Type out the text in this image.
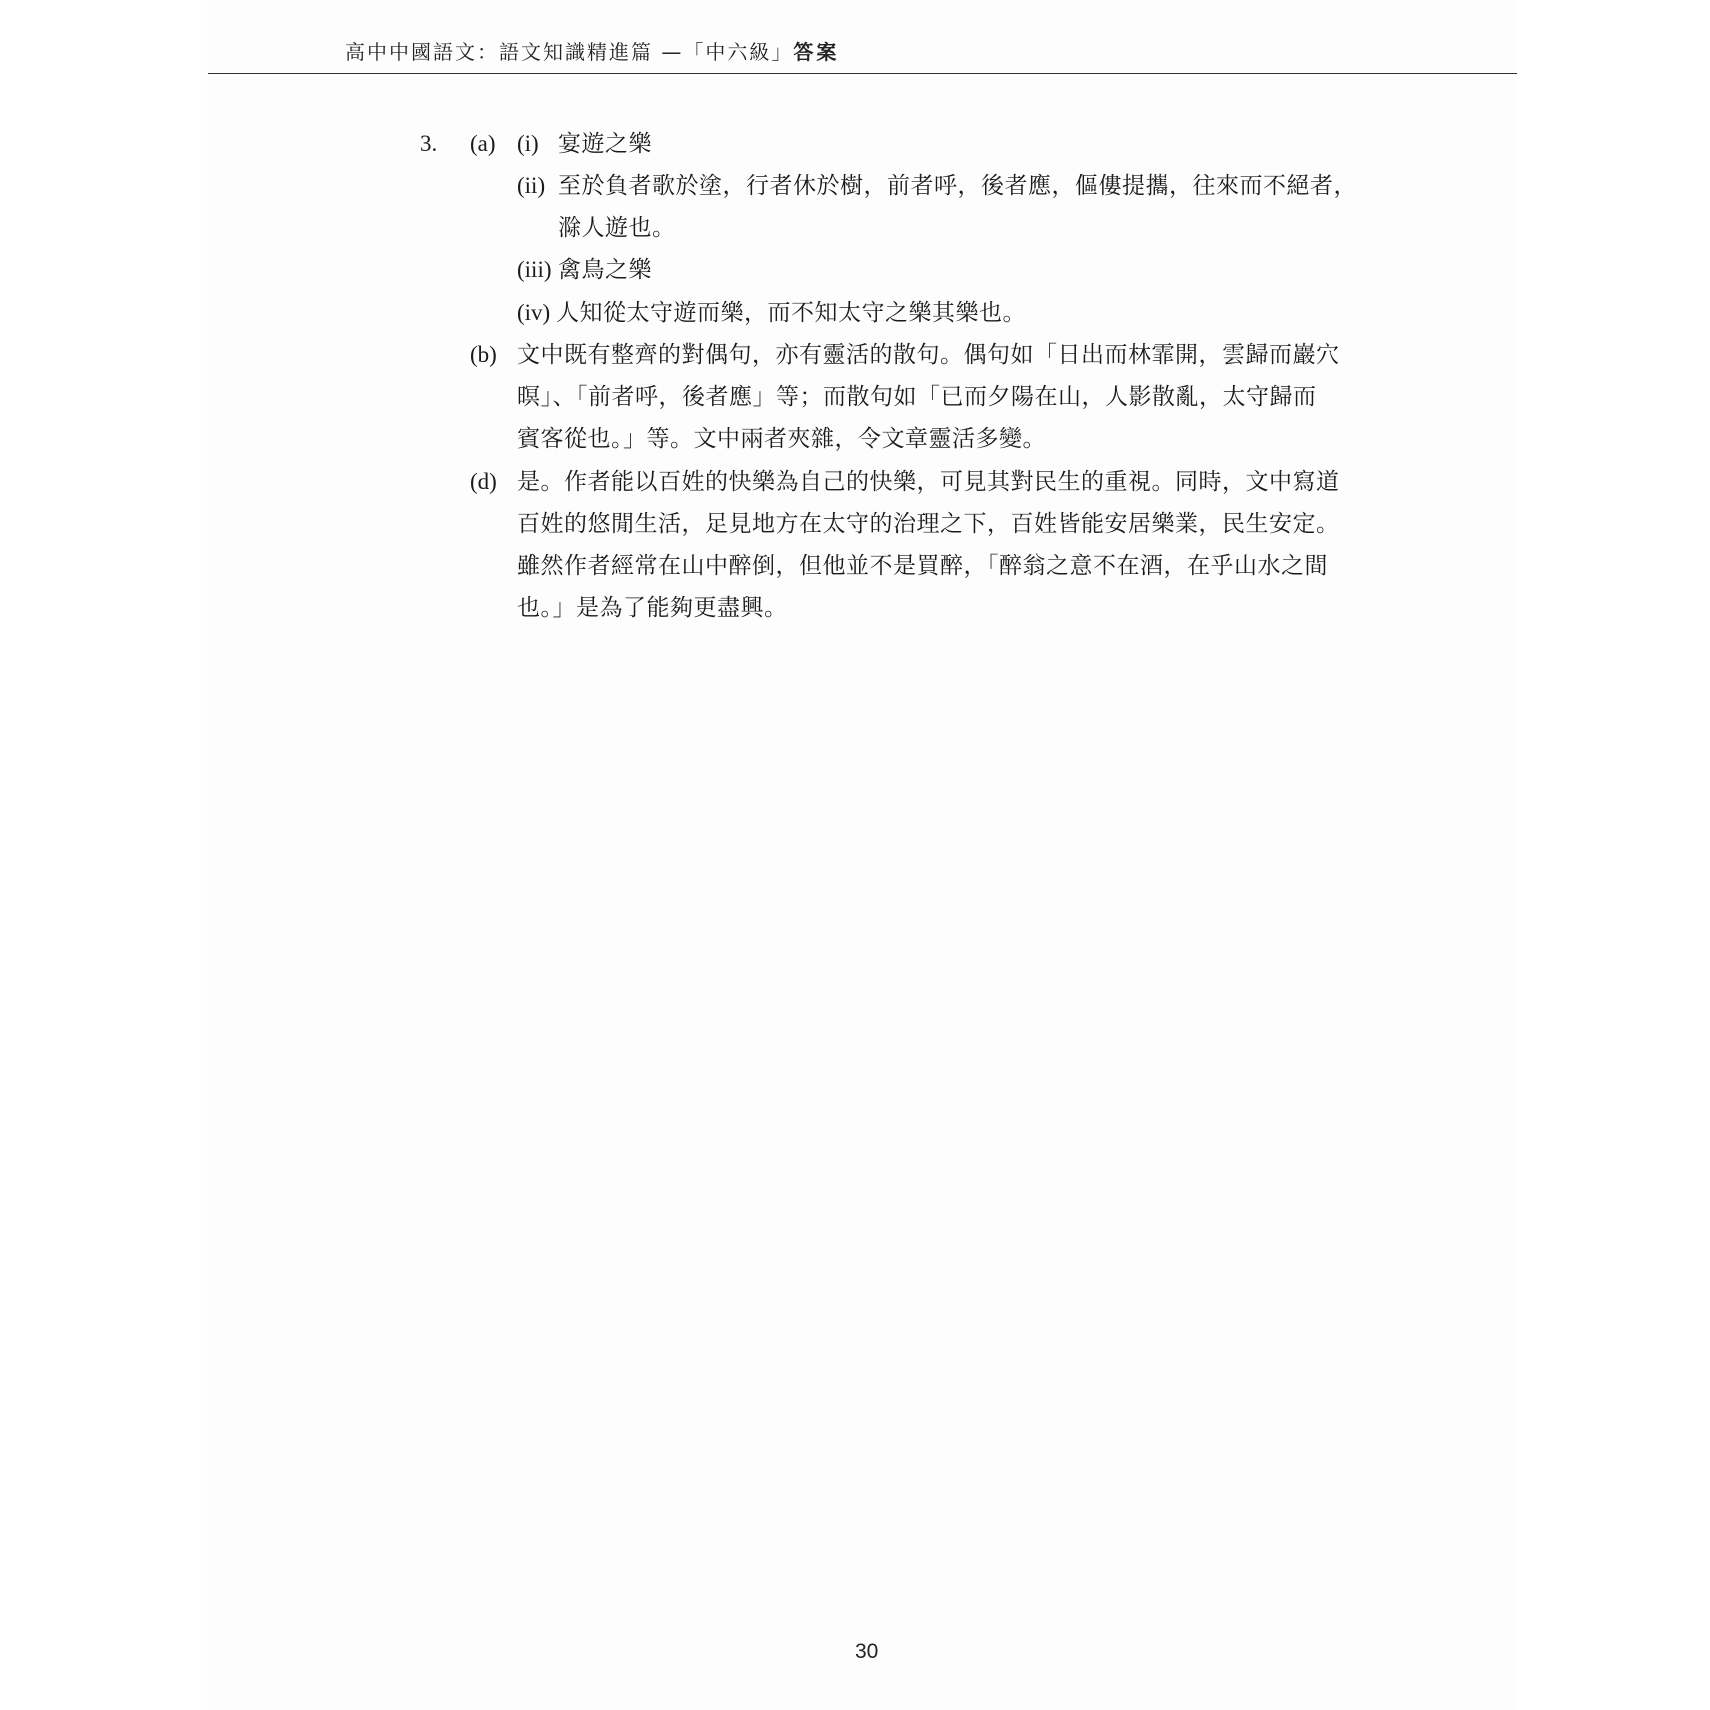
高中中國語文：語文知識精進篇 —「中六級」答案
3. (a) (i) 宴遊之樂
(ii) 至於負者歌於塗，行者休於樹，前者呼，後者應，傴僂提攜，往來而不絕者，
滁人遊也。
(iii) 禽鳥之樂
(iv) 人知從太守遊而樂，而不知太守之樂其樂也。
(b) 文中既有整齊的對偶句，亦有靈活的散句。偶句如「日出而林霏開，雲歸而巖穴
暝」、「前者呼，後者應」等；而散句如「已而夕陽在山，人影散亂，太守歸而
賓客從也。」等。文中兩者夾雜，令文章靈活多變。
(d) 是。作者能以百姓的快樂為自己的快樂，可見其對民生的重視。同時，文中寫道
百姓的悠閒生活，足見地方在太守的治理之下，百姓皆能安居樂業，民生安定。
雖然作者經常在山中醉倒，但他並不是買醉，「醉翁之意不在酒，在乎山水之間
也。」是為了能夠更盡興。
30
